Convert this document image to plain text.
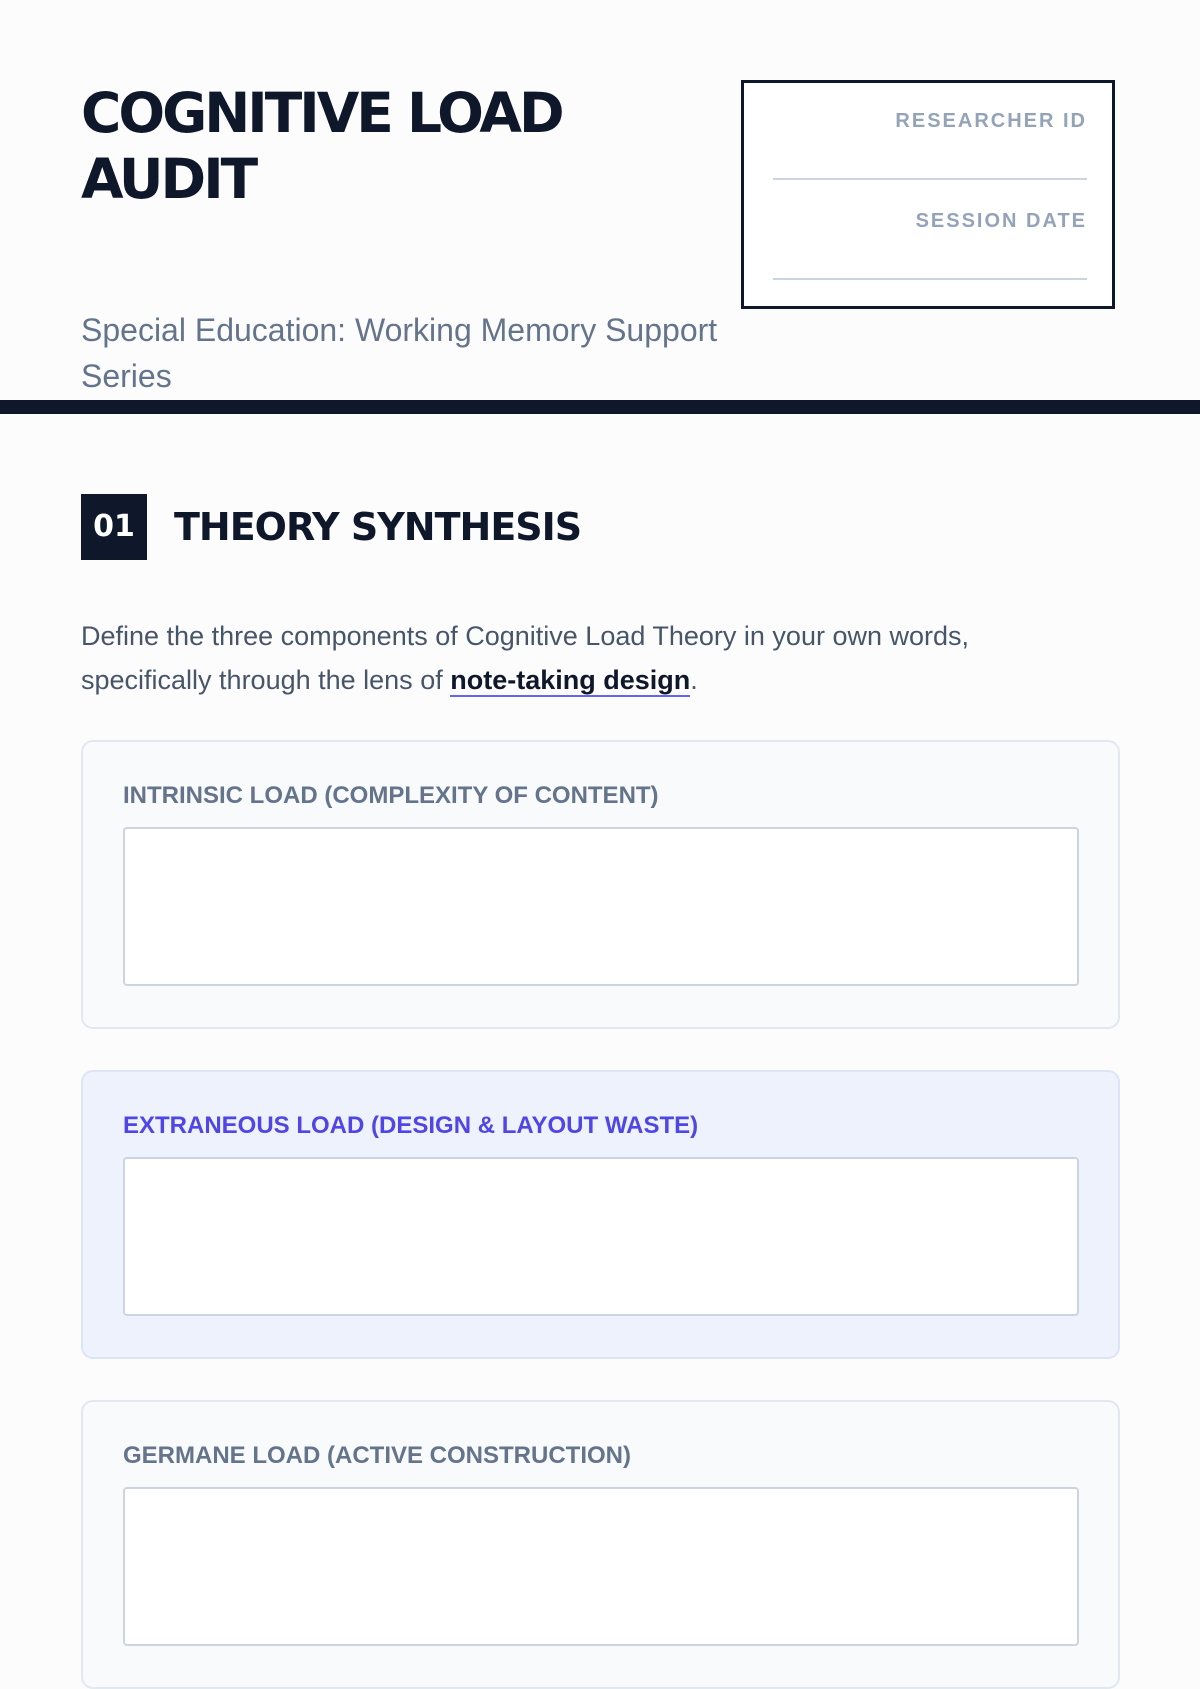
COGNITIVE LOAD AUDIT
Special Education: Working Memory Support Series
RESEARCHER ID
SESSION DATE
01	THEORY SYNTHESIS

Define the three components of Cognitive Load Theory in your own words, specifically through the lens of note-taking design.

INTRINSIC LOAD (COMPLEXITY OF CONTENT)
EXTRANEOUS LOAD (DESIGN & LAYOUT WASTE)
GERMANE LOAD (ACTIVE CONSTRUCTION)
